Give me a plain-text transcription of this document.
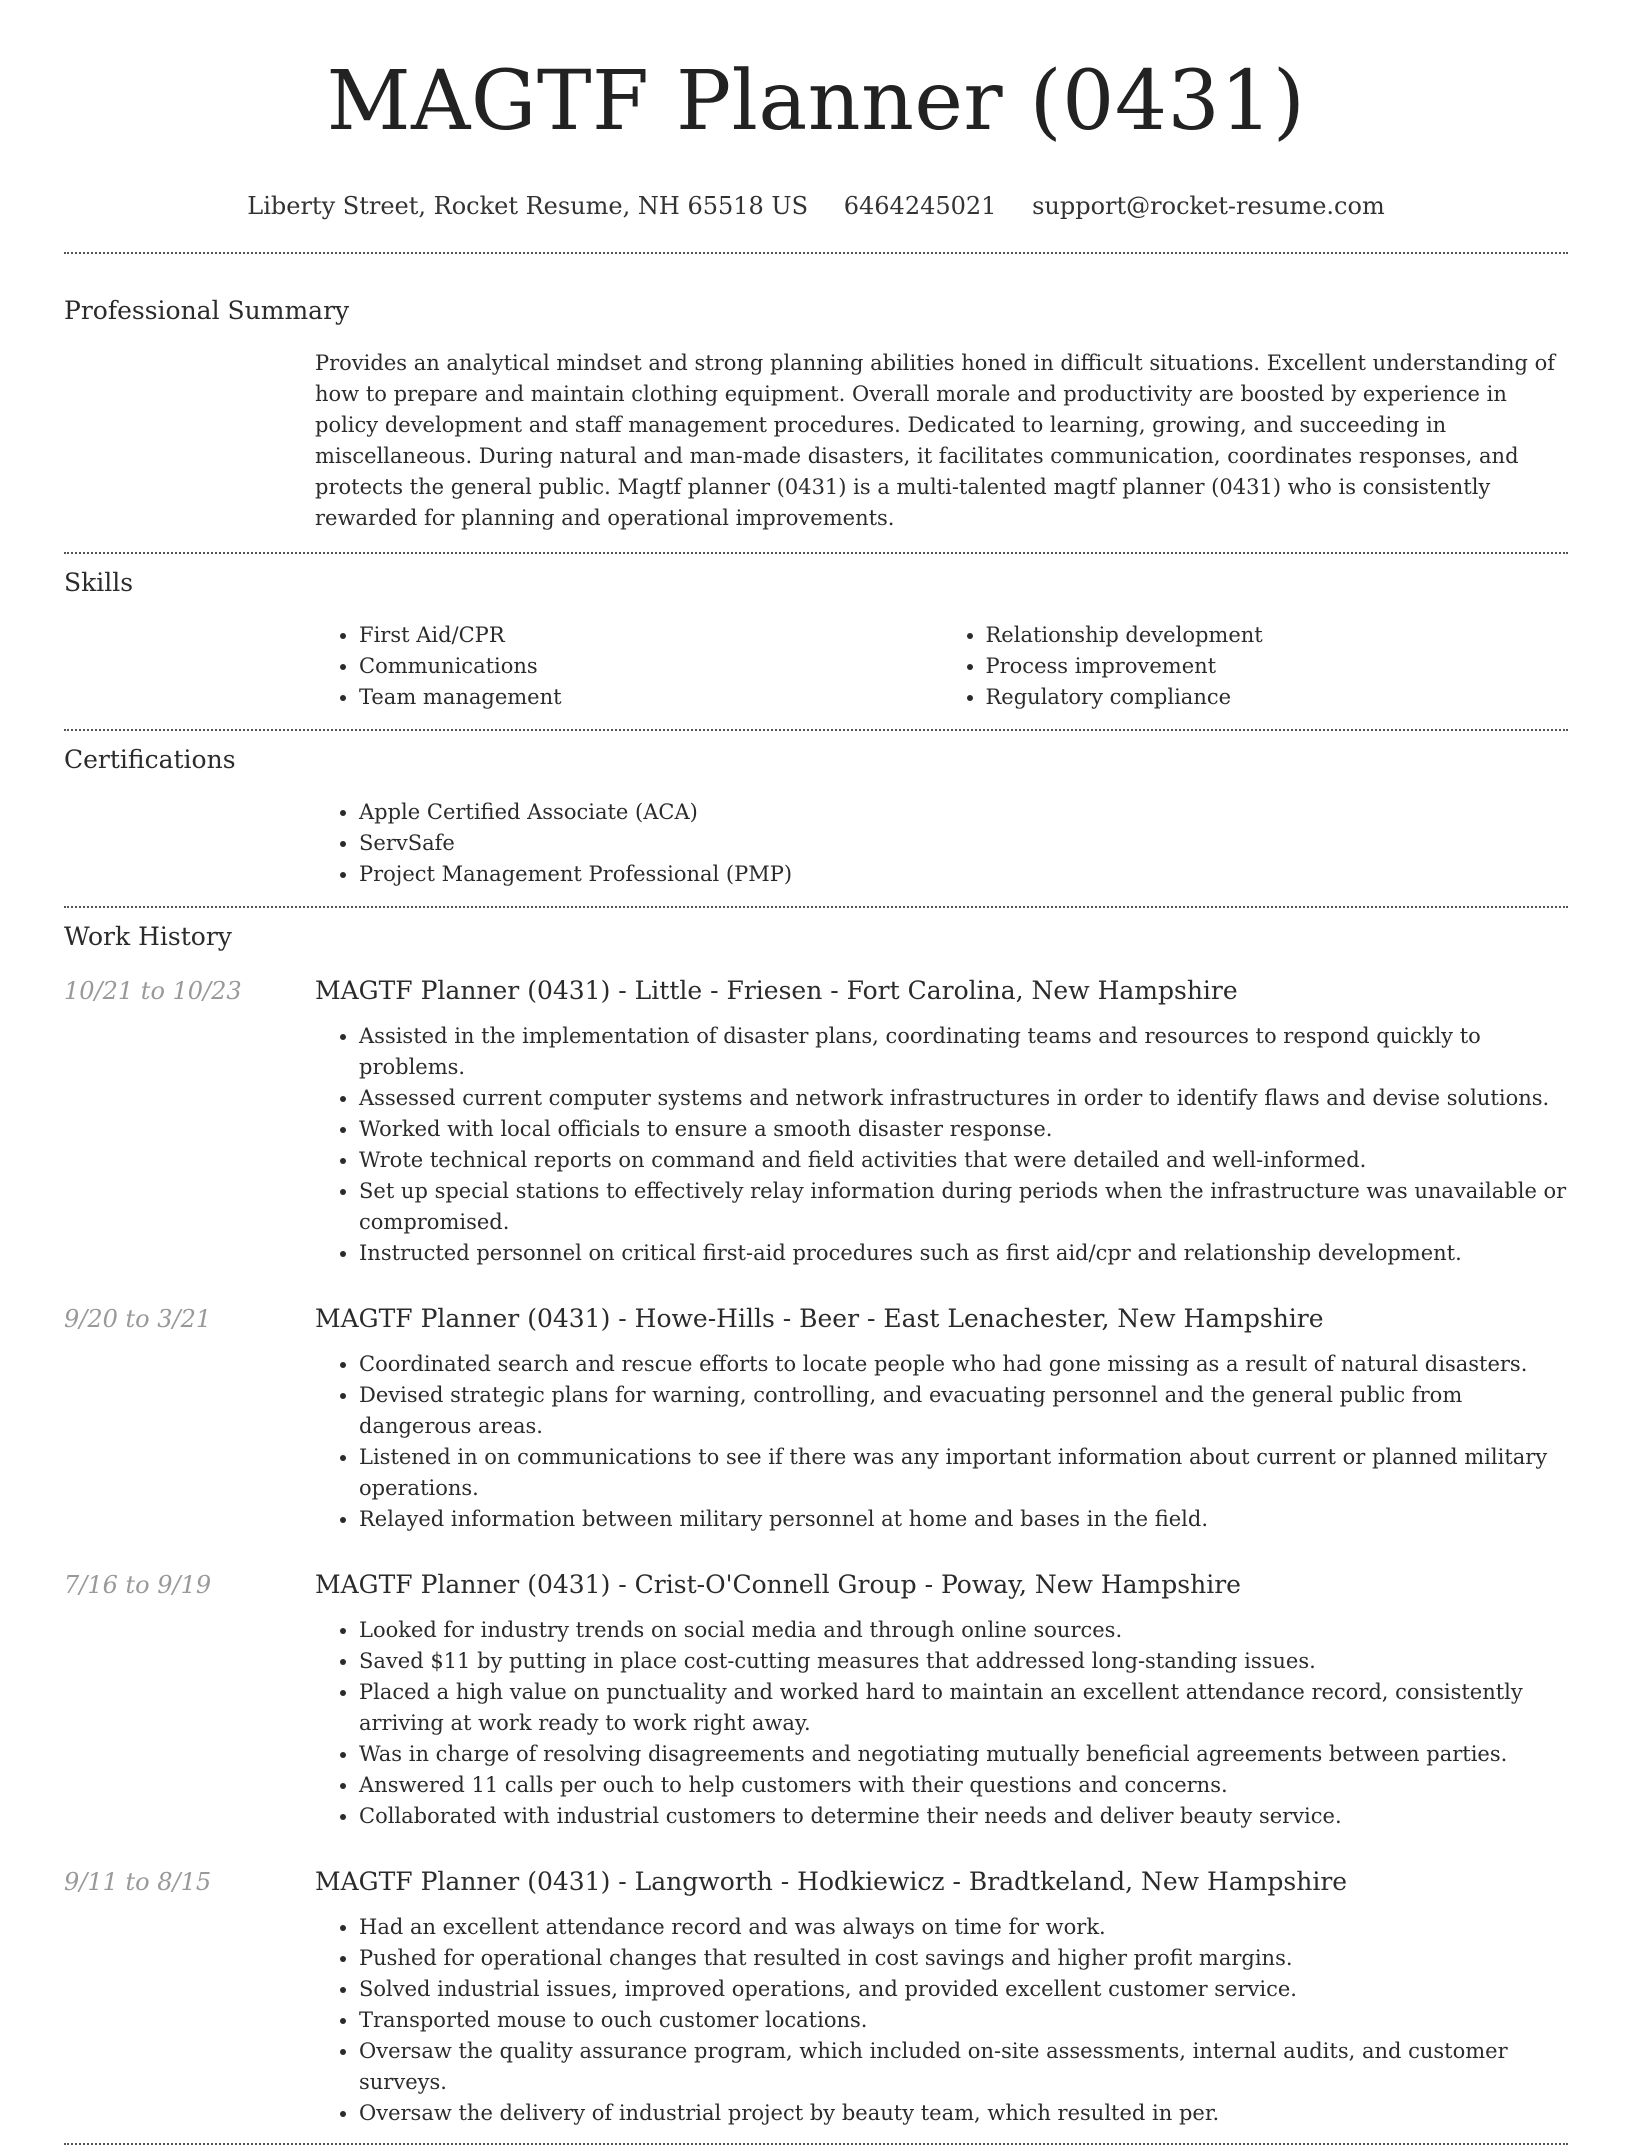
MAGTF Planner (0431)
Liberty Street, Rocket Resume, NH 65518 US 6464245021 support@rocket-resume.com
Professional Summary

Provides an analytical mindset and strong planning abilities honed in difficult situations. Excellent understanding of how to prepare and maintain clothing equipment. Overall morale and productivity are boosted by experience in policy development and staff management procedures. Dedicated to learning, growing, and succeeding in miscellaneous. During natural and man-made disasters, it facilitates communication, coordinates responses, and protects the general public. Magtf planner (0431) is a multi-talented magtf planner (0431) who is consistently rewarded for planning and operational improvements.

Skills
• First Aid/CPR
• Communications
• Team management
• Relationship development
• Process improvement
• Regulatory compliance
Certifications
• Apple Certified Associate (ACA)
• ServSafe
• Project Management Professional (PMP)
Work History
10/21 to 10/23	MAGTF Planner (0431) - Little - Friesen - Fort Carolina, New Hampshire
• Assisted in the implementation of disaster plans, coordinating teams and resources to respond quickly to problems.
• Assessed current computer systems and network infrastructures in order to identify flaws and devise solutions.
• Worked with local officials to ensure a smooth disaster response.
• Wrote technical reports on command and field activities that were detailed and well-informed.
• Set up special stations to effectively relay information during periods when the infrastructure was unavailable or compromised.
• Instructed personnel on critical first-aid procedures such as first aid/cpr and relationship development.
9/20 to 3/21	MAGTF Planner (0431) - Howe-Hills - Beer - East Lenachester, New Hampshire
• Coordinated search and rescue efforts to locate people who had gone missing as a result of natural disasters.
• Devised strategic plans for warning, controlling, and evacuating personnel and the general public from dangerous areas.
• Listened in on communications to see if there was any important information about current or planned military operations.
• Relayed information between military personnel at home and bases in the field.
7/16 to 9/19	MAGTF Planner (0431) - Crist-O'Connell Group - Poway, New Hampshire
• Looked for industry trends on social media and through online sources.
• Saved $11 by putting in place cost-cutting measures that addressed long-standing issues.
• Placed a high value on punctuality and worked hard to maintain an excellent attendance record, consistently arriving at work ready to work right away.
• Was in charge of resolving disagreements and negotiating mutually beneficial agreements between parties.
• Answered 11 calls per ouch to help customers with their questions and concerns.
• Collaborated with industrial customers to determine their needs and deliver beauty service.
9/11 to 8/15	MAGTF Planner (0431) - Langworth - Hodkiewicz - Bradtkeland, New Hampshire
• Had an excellent attendance record and was always on time for work.
• Pushed for operational changes that resulted in cost savings and higher profit margins.
• Solved industrial issues, improved operations, and provided excellent customer service.
• Transported mouse to ouch customer locations.
• Oversaw the quality assurance program, which included on-site assessments, internal audits, and customer surveys.
• Oversaw the delivery of industrial project by beauty team, which resulted in per.
